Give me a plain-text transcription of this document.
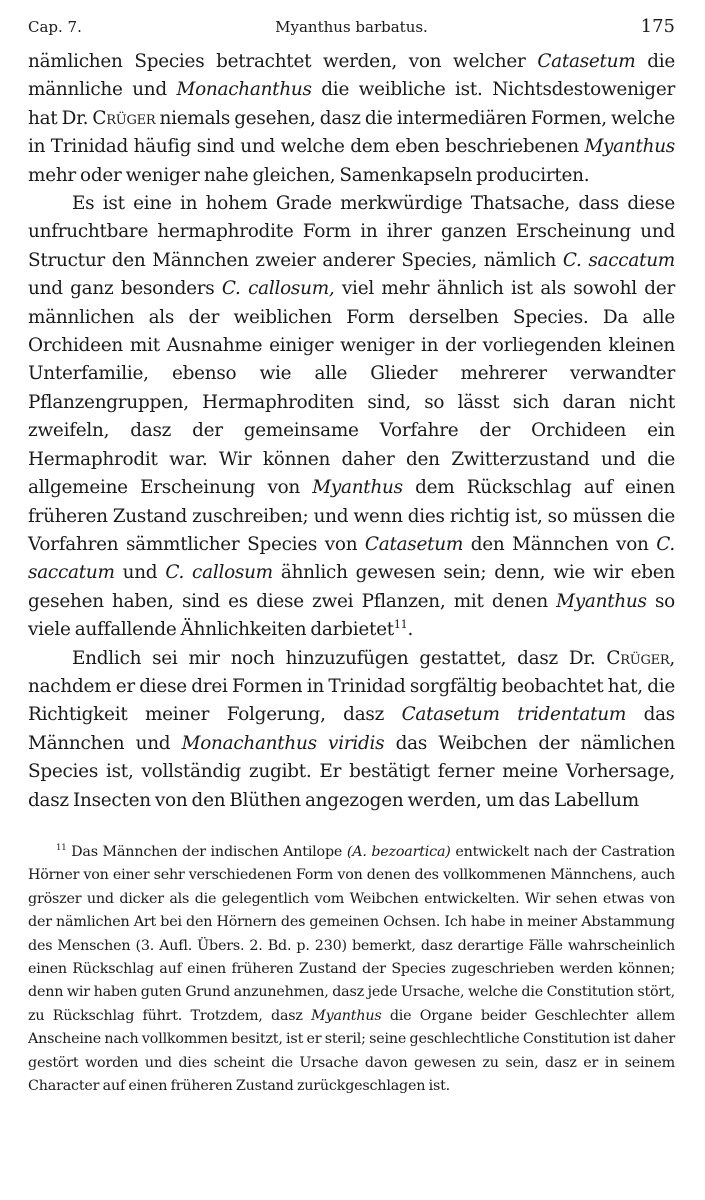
Cap. 7.	Myanthus barbatus.	175

nämlichen Species betrachtet werden, von welcher Catasetum die männliche und Monachanthus die weibliche ist. Nichtsdestoweniger hat Dr. Crüger niemals gesehen, dasz die intermediären Formen, welche in Trinidad häufig sind und welche dem eben beschriebenen Myanthus mehr oder weniger nahe gleichen, Samenkapseln producirten.

Es ist eine in hohem Grade merkwürdige Thatsache, dass diese unfruchtbare hermaphrodite Form in ihrer ganzen Erscheinung und Structur den Männchen zweier anderer Species, nämlich C. saccatum und ganz besonders C. callosum, viel mehr ähnlich ist als sowohl der männlichen als der weiblichen Form derselben Species. Da alle Orchideen mit Ausnahme einiger weniger in der vorliegenden kleinen Unterfamilie, ebenso wie alle Glieder mehrerer verwandter Pflanzengruppen, Hermaphroditen sind, so lässt sich daran nicht zweifeln, dasz der gemeinsame Vorfahre der Orchideen ein Hermaphrodit war. Wir können daher den Zwitterzustand und die allgemeine Erscheinung von Myanthus dem Rückschlag auf einen früheren Zustand zuschreiben; und wenn dies richtig ist, so müssen die Vorfahren sämmtlicher Species von Catasetum den Männchen von C. saccatum und C. callosum ähnlich gewesen sein; denn, wie wir eben gesehen haben, sind es diese zwei Pflanzen, mit denen Myanthus so viele auffallende Ähnlichkeiten darbietet$^{11}$.

Endlich sei mir noch hinzuzufügen gestattet, dasz Dr. Crüger, nachdem er diese drei Formen in Trinidad sorgfältig beobachtet hat, die Richtigkeit meiner Folgerung, dasz Catasetum tridentatum das Männchen und Monachanthus viridis das Weibchen der nämlichen Species ist, vollständig zugibt. Er bestätigt ferner meine Vorhersage, dasz Insecten von den Blüthen angezogen werden, um das Labellum

$^{11}$ Das Männchen der indischen Antilope (A. bezoartica) entwickelt nach der Castration Hörner von einer sehr verschiedenen Form von denen des vollkommenen Männchens, auch gröszer und dicker als die gelegentlich vom Weibchen entwickelten. Wir sehen etwas von der nämlichen Art bei den Hörnern des gemeinen Ochsen. Ich habe in meiner Abstammung des Menschen (3. Aufl. Übers. 2. Bd. p. 230) bemerkt, dasz derartige Fälle wahrscheinlich einen Rückschlag auf einen früheren Zustand der Species zugeschrieben werden können; denn wir haben guten Grund anzunehmen, dasz jede Ursache, welche die Constitution stört, zu Rückschlag führt. Trotzdem, dasz Myanthus die Organe beider Geschlechter allem Anscheine nach vollkommen besitzt, ist er steril; seine geschlechtliche Constitution ist daher gestört worden und dies scheint die Ursache davon gewesen zu sein, dasz er in seinem Character auf einen früheren Zustand zurückgeschlagen ist.
